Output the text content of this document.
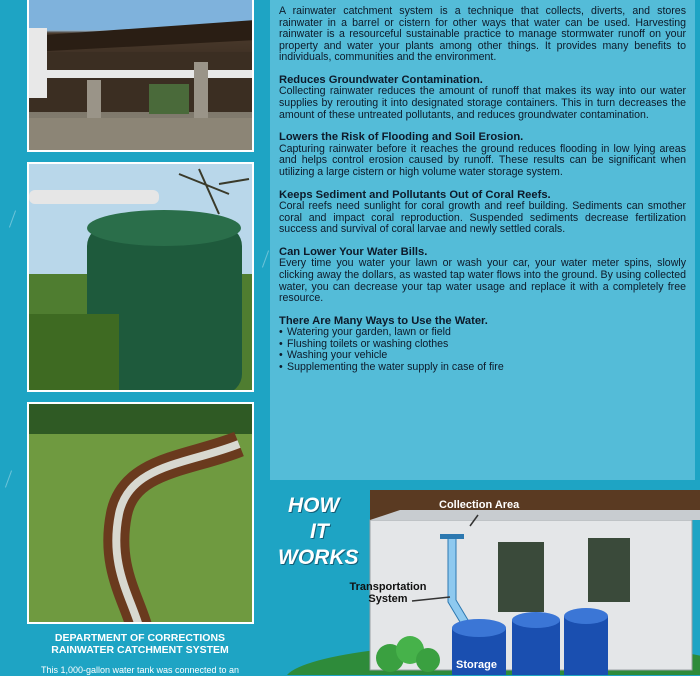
DEPARTMENT OF CORRECTIONS
RAINWATER CATCHMENT SYSTEM
This 1,000-gallon water tank was connected to an

A rainwater catchment system is a technique that collects, diverts, and stores rainwater in a barrel or cistern for other ways that water can be used. Harvesting rainwater is a resourceful sustainable practice to manage stormwater runoff on your property and water your plants among other things. It provides many benefits to individuals, communities and the environment.

Reduces Groundwater Contamination.

Collecting rainwater reduces the amount of runoff that makes its way into our water supplies by rerouting it into designated storage containers. This in turn decreases the amount of these untreated pollutants, and reduces groundwater contamination.

Lowers the Risk of Flooding and Soil Erosion.

Capturing rainwater before it reaches the ground reduces flooding in low lying areas and helps control erosion caused by runoff. These results can be significant when utilizing a large cistern or high volume water storage system.

Keeps Sediment and Pollutants Out of Coral Reefs.

Coral reefs need sunlight for coral growth and reef building. Sediments can smother coral and impact coral reproduction. Suspended sediments decrease fertilization success and survival of coral larvae and newly settled corals.

Can Lower Your Water Bills.

Every time you water your lawn or wash your car, your water meter spins, slowly clicking away the dollars, as wasted tap water flows into the ground. By using collected water, you can decrease your tap water usage and replace it with a completely free resource.

There Are Many Ways to Use the Water.
• Watering your garden, lawn or field
• Flushing toilets or washing clothes
• Washing your vehicle
• Supplementing the water supply in case of fire
HOW
IT
WORKS
Collection Area
Transportation
System
Storage
